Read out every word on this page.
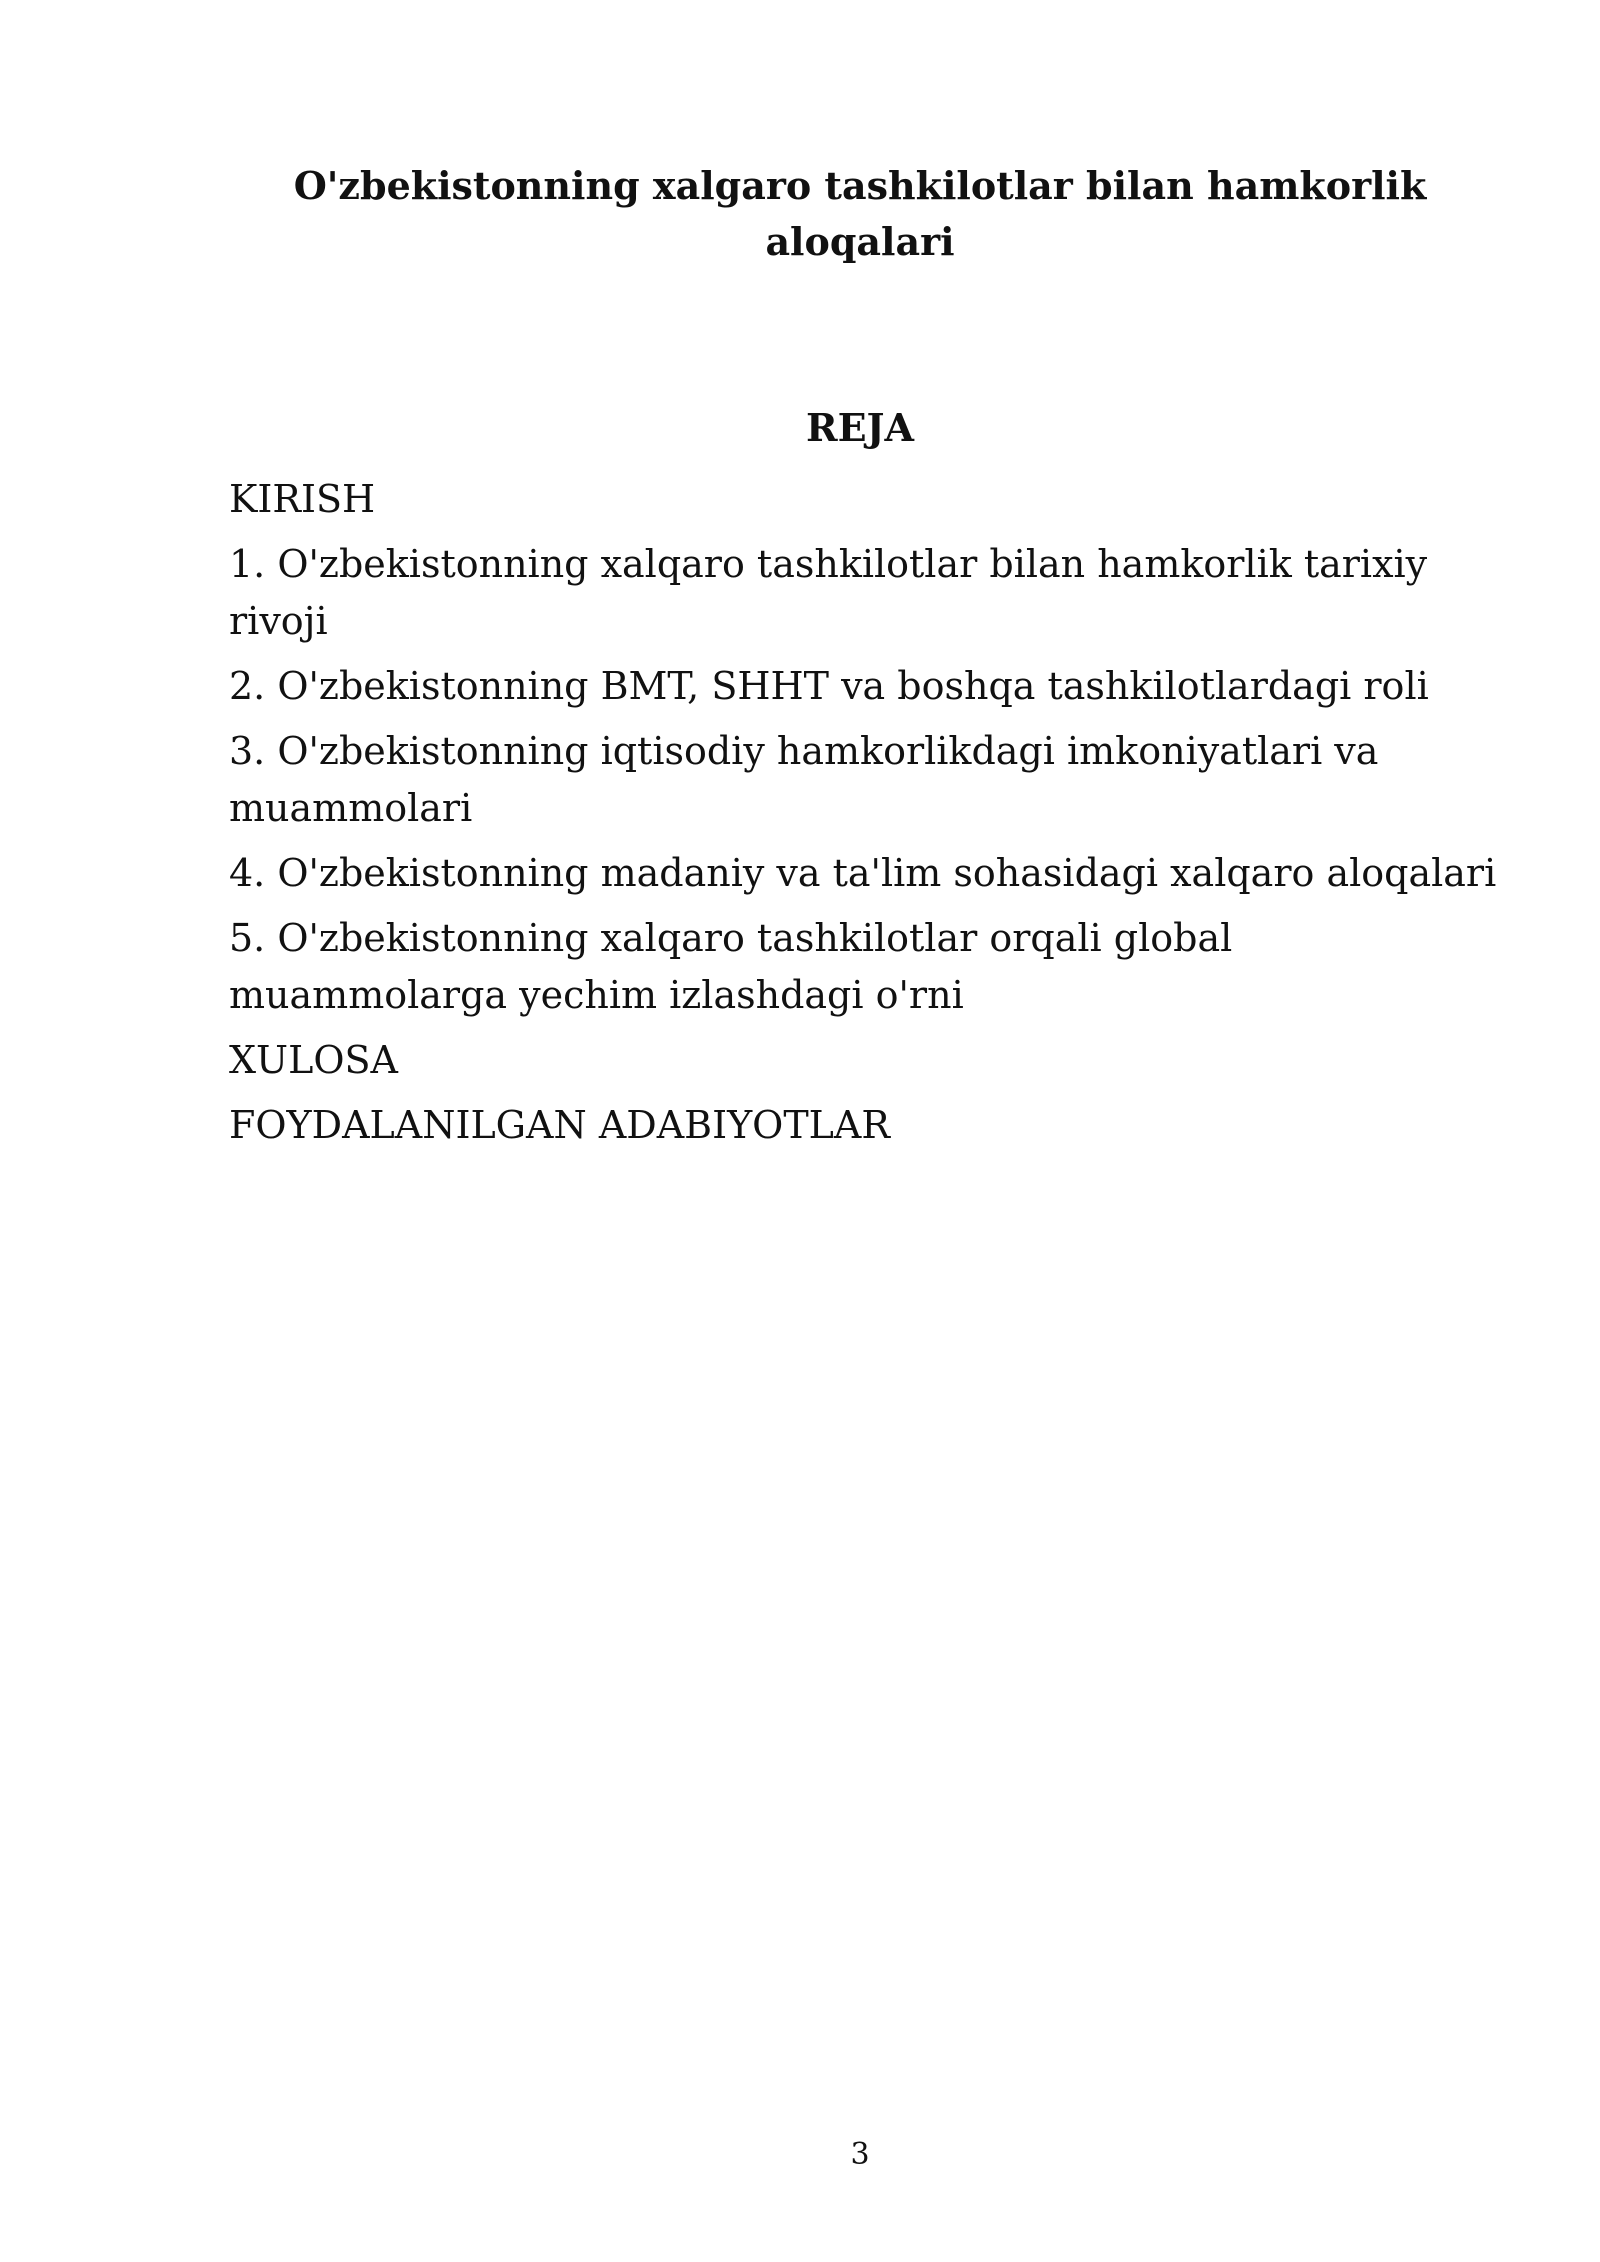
O'zbekistonning xalgaro tashkilotlar bilan hamkorlik aloqalari
REJA
KIRISH
1. O'zbekistonning xalqaro tashkilotlar bilan hamkorlik tarixiy rivoji
2. O'zbekistonning BMT, SHHT va boshqa tashkilotlardagi roli
3. O'zbekistonning iqtisodiy hamkorlikdagi imkoniyatlari va muammolari
4. O'zbekistonning madaniy va ta'lim sohasidagi xalqaro aloqalari
5. O'zbekistonning xalqaro tashkilotlar orqali global muammolarga yechim izlashdagi o'rni
XULOSA
FOYDALANILGAN ADABIYOTLAR
3
